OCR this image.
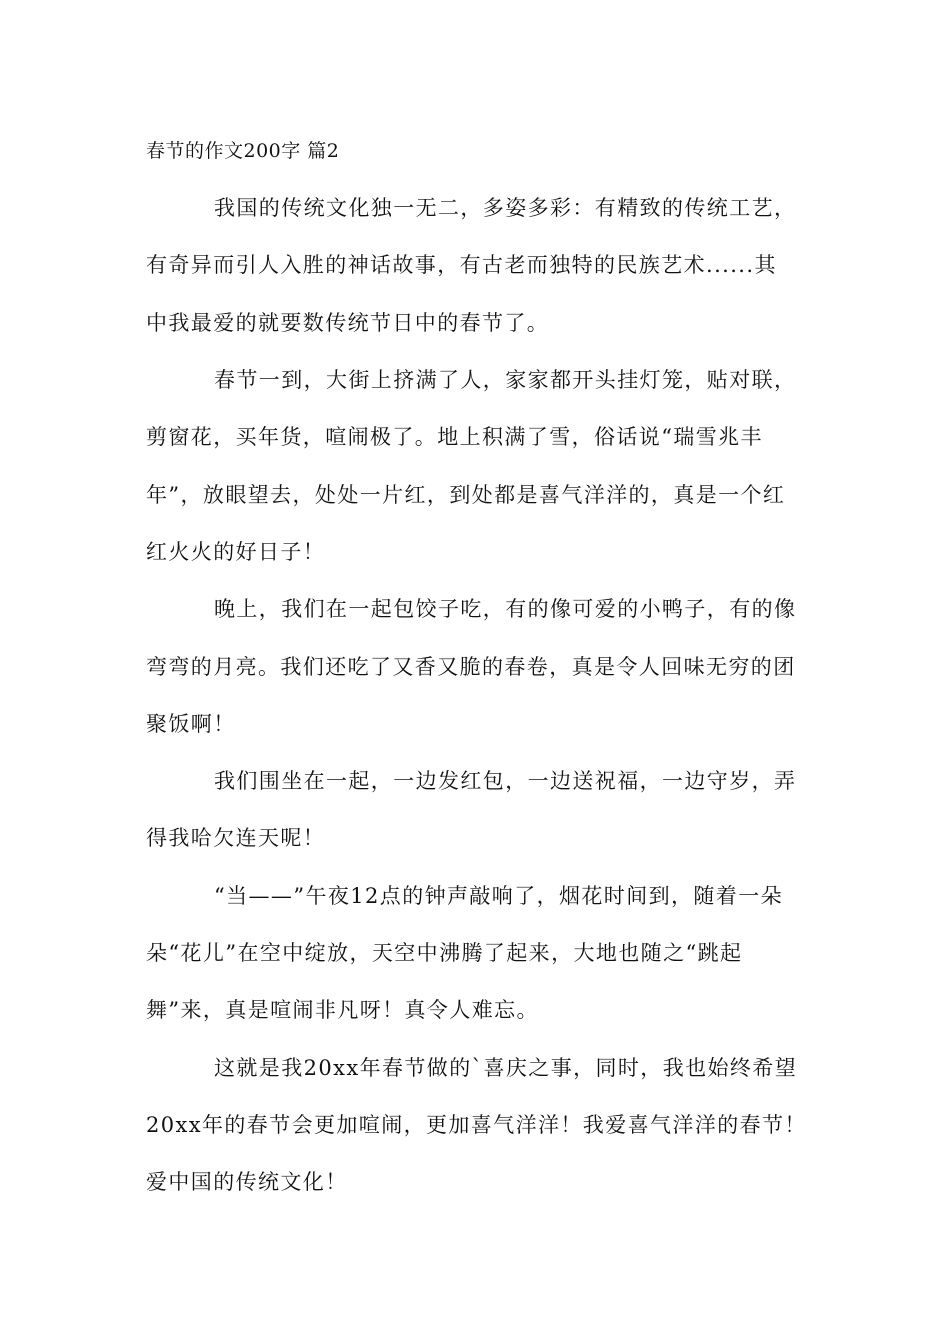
春节的作文200字 篇2
我国的传统文化独一无二，多姿多彩：有精致的传统工艺，
有奇异而引人入胜的神话故事，有古老而独特的民族艺术......其
中我最爱的就要数传统节日中的春节了。
春节一到，大街上挤满了人，家家都开头挂灯笼，贴对联，
剪窗花，买年货，喧闹极了。地上积满了雪，俗话说“瑞雪兆丰
年”，放眼望去，处处一片红，到处都是喜气洋洋的，真是一个红
红火火的好日子！
晚上，我们在一起包饺子吃，有的像可爱的小鸭子，有的像
弯弯的月亮。我们还吃了又香又脆的春卷，真是令人回味无穷的团
聚饭啊！
我们围坐在一起，一边发红包，一边送祝福，一边守岁，弄
得我哈欠连天呢！
“当——”午夜12点的钟声敲响了，烟花时间到，随着一朵
朵“花儿”在空中绽放，天空中沸腾了起来，大地也随之“跳起
舞”来，真是喧闹非凡呀！真令人难忘。
这就是我20xx年春节做的`喜庆之事，同时，我也始终希望
20xx年的春节会更加喧闹，更加喜气洋洋！我爱喜气洋洋的春节！
爱中国的传统文化！
